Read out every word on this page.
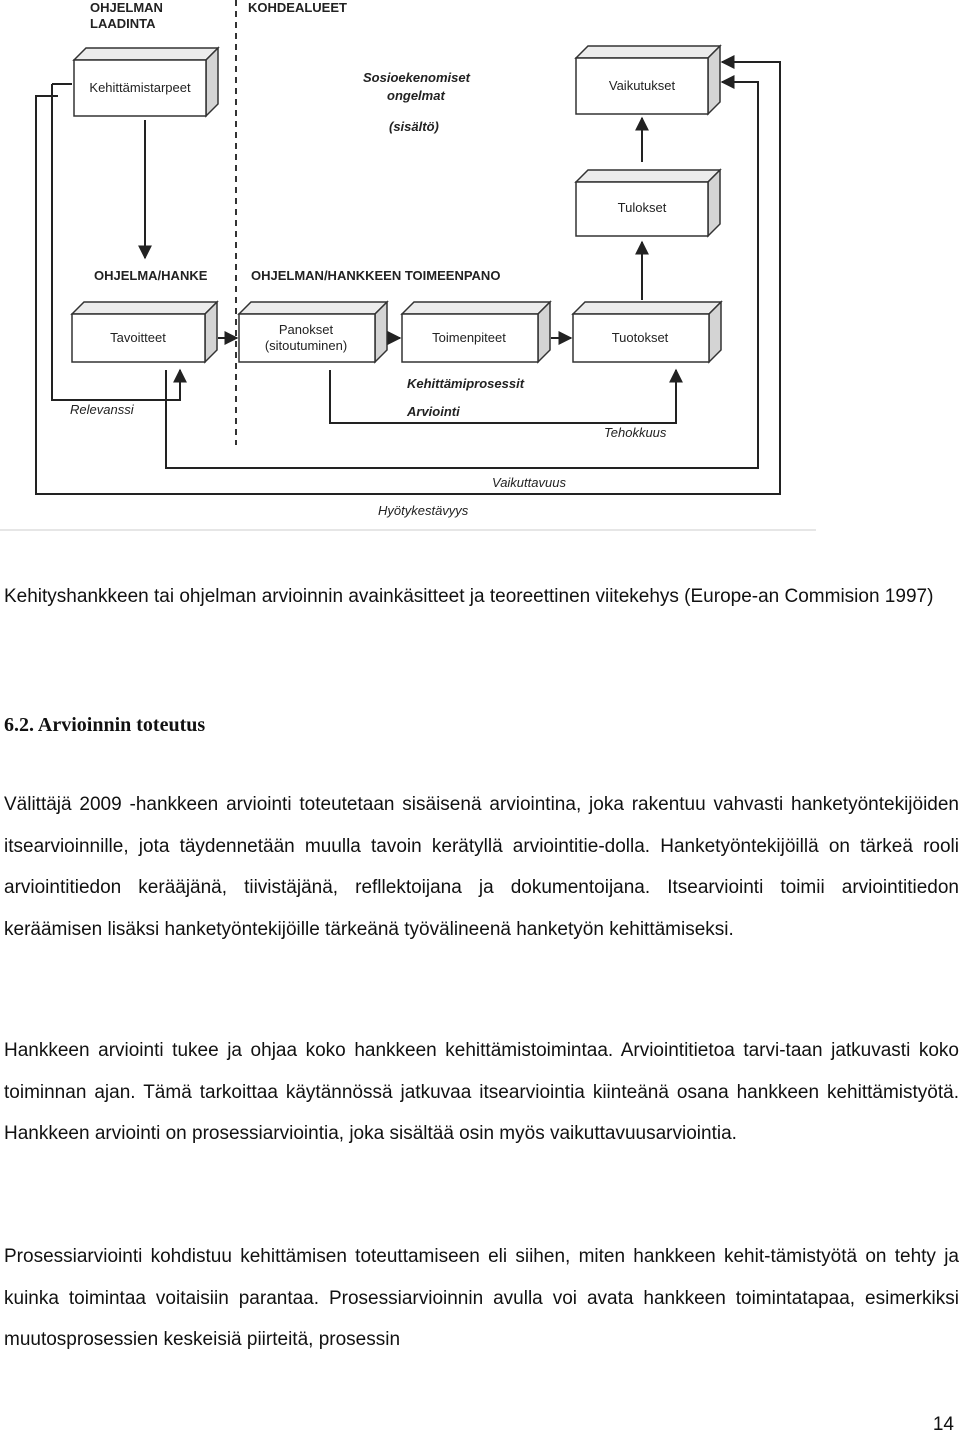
OHJELMAN
LAADINTA
KOHDEALUEET
Sosioekenomiset
ongelmat
(sisältö)
Kehittämistarpeet	Vaikutukset
Tulokset
OHJELMA/HANKE	OHJELMAN/HANKKEEN TOIMEENPANO
Tavoitteet
Panokset
(sitoutuminen)
Toimenpiteet	Tuotokset
Kehittämiprosessit
Arviointi
Relevanssi
Tehokkuus
Vaikuttavuus
Hyötykestävyys
Kehityshankkeen tai ohjelman arvioinnin avainkäsitteet ja teoreettinen viitekehys (Europe-an Commision 1997)
6.2. Arvioinnin toteutus
Välittäjä 2009 -hankkeen arviointi toteutetaan sisäisenä arviointina, joka rakentuu vahvasti hanketyöntekijöiden itsearvioinnille, jota täydennetään muulla tavoin kerätyllä arviointitie-dolla. Hanketyöntekijöillä on tärkeä rooli arviointitiedon kerääjänä, tiivistäjänä, refllektoijana ja dokumentoijana. Itsearviointi toimii arviointitiedon keräämisen lisäksi hanketyöntekijöille tärkeänä työvälineenä hanketyön kehittämiseksi.
Hankkeen arviointi tukee ja ohjaa koko hankkeen kehittämistoimintaa. Arviointitietoa tarvi-taan jatkuvasti koko toiminnan ajan. Tämä tarkoittaa käytännössä jatkuvaa itsearviointia kiinteänä osana hankkeen kehittämistyötä. Hankkeen arviointi on prosessiarviointia, joka sisältää osin myös vaikuttavuusarviointia.
Prosessiarviointi kohdistuu kehittämisen toteuttamiseen eli siihen, miten hankkeen kehit-tämistyötä on tehty ja kuinka toimintaa voitaisiin parantaa. Prosessiarvioinnin avulla voi avata hankkeen toimintatapaa, esimerkiksi muutosprosessien keskeisiä piirteitä, prosessin
14
